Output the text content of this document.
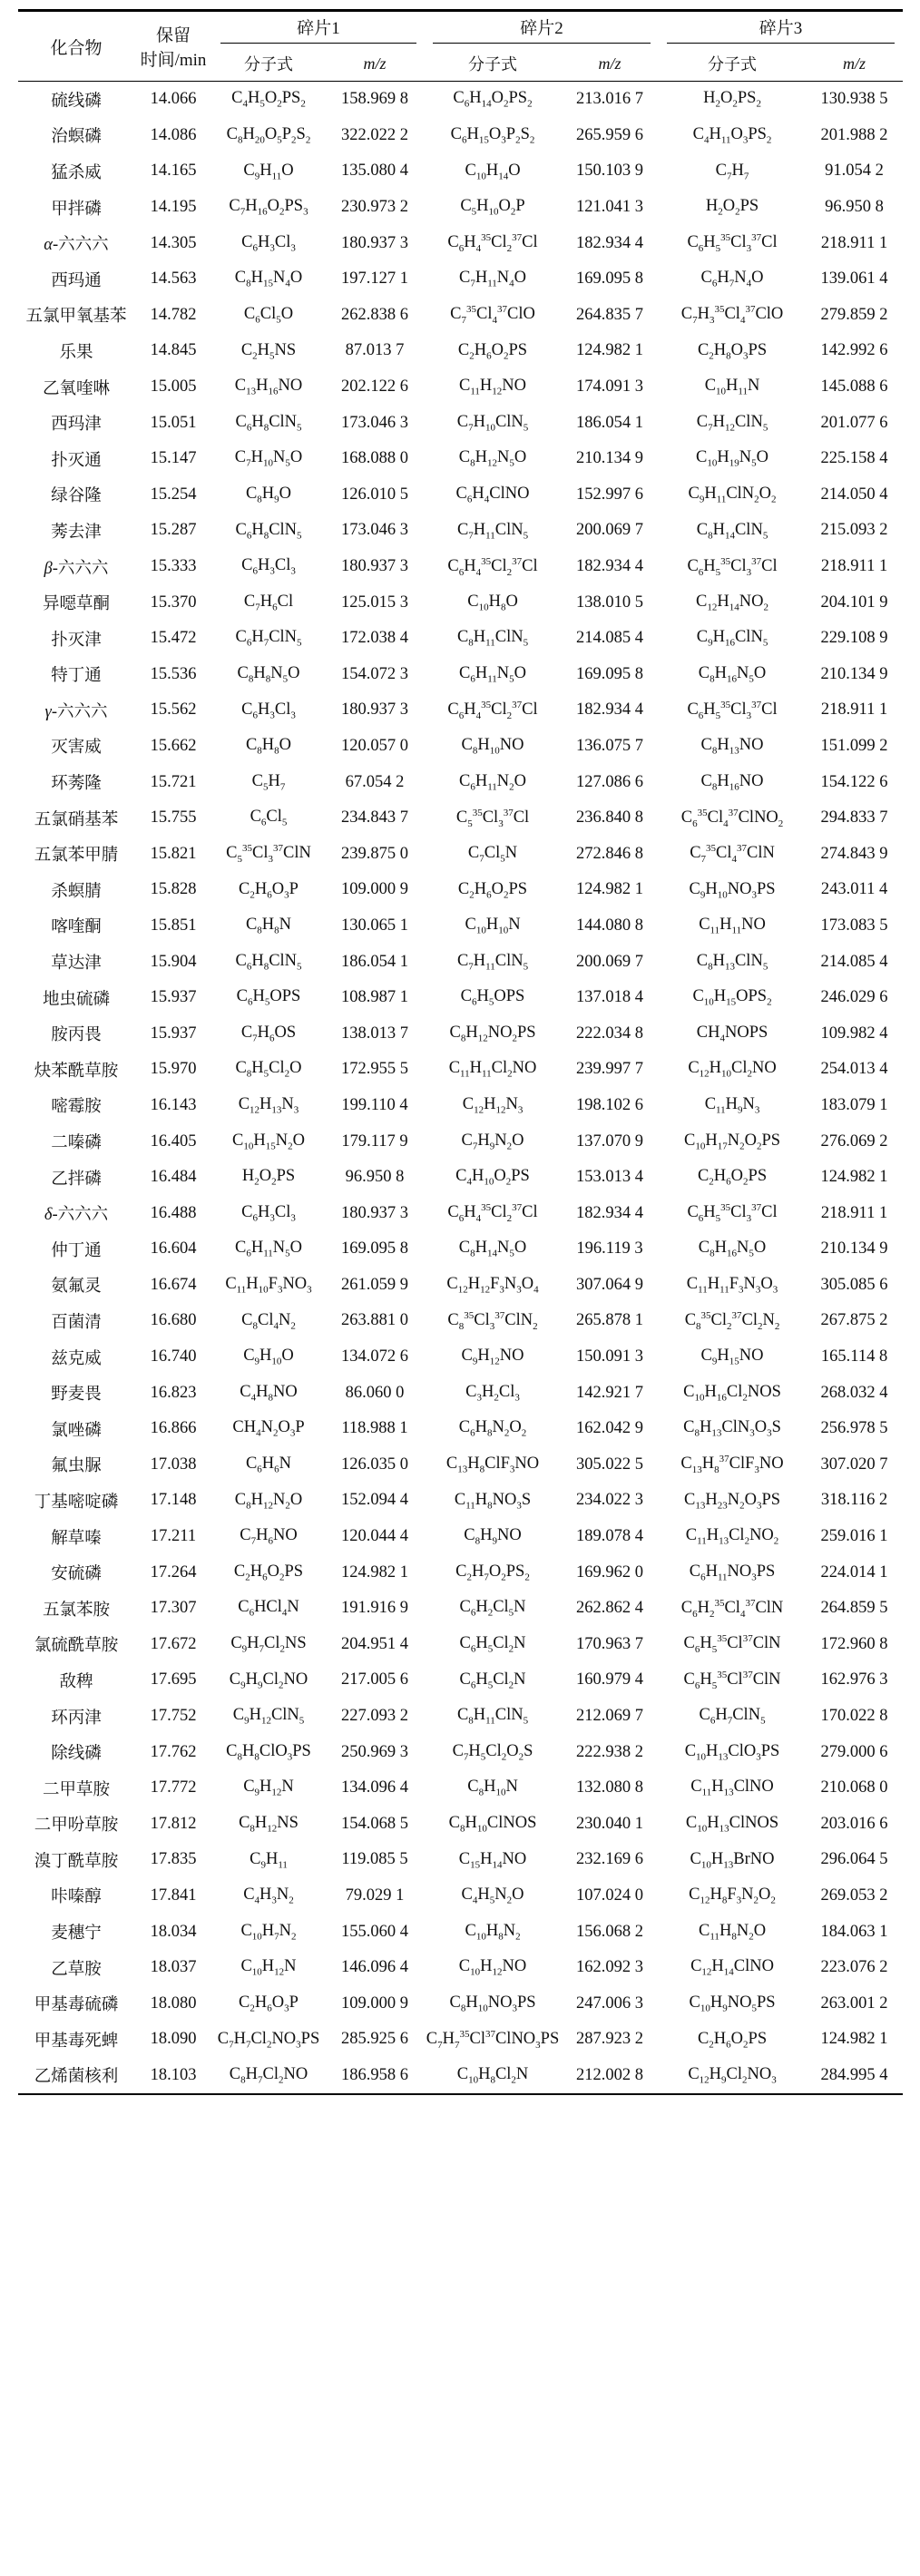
化合物	保留
时间/min	碎片1		碎片2		碎片3	

		分子式	m/z	分子式	m/z	分子式	m/z
硫线磷	14.066	$C_4H_5O_2PS_2$	158.969 8	$C_6H_{14}O_2PS_2$	213.016 7	$H_2O_2PS_2$	130.938 5
治螟磷	14.086	$C_8H_{20}O_5P_2S_2$	322.022 2	$C_6H_{15}O_3P_2S_2$	265.959 6	$C_4H_{11}O_3PS_2$	201.988 2
猛杀威	14.165	$C_9H_{11}O$	135.080 4	$C_{10}H_{14}O$	150.103 9	$C_7H_7$	91.054 2
甲拌磷	14.195	$C_7H_{16}O_2PS_3$	230.973 2	$C_5H_{10}O_2P$	121.041 3	$H_2O_2PS$	96.950 8
α-六六六	14.305	$C_6H_3Cl_3$	180.937 3	$C_6H_4^{35}Cl_2^{37}Cl$	182.934 4	$C_6H_5^{35}Cl_3^{37}Cl$	218.911 1
西玛通	14.563	$C_8H_{15}N_4O$	197.127 1	$C_7H_{11}N_4O$	169.095 8	$C_6H_7N_4O$	139.061 4
五氯甲氧基苯	14.782	$C_6Cl_5O$	262.838 6	$C_7^{35}Cl_4^{37}ClO$	264.835 7	$C_7H_3^{35}Cl_4^{37}ClO$	279.859 2
乐果	14.845	$C_2H_5NS$	87.013 7	$C_2H_6O_2PS$	124.982 1	$C_2H_8O_3PS$	142.992 6
乙氧喹啉	15.005	$C_{13}H_{16}NO$	202.122 6	$C_{11}H_{12}NO$	174.091 3	$C_{10}H_{11}N$	145.088 6
西玛津	15.051	$C_6H_8ClN_5$	173.046 3	$C_7H_{10}ClN_5$	186.054 1	$C_7H_{12}ClN_5$	201.077 6
扑灭通	15.147	$C_7H_{10}N_5O$	168.088 0	$C_8H_{12}N_5O$	210.134 9	$C_{10}H_{19}N_5O$	225.158 4
绿谷隆	15.254	$C_8H_9O$	126.010 5	$C_6H_4ClNO$	152.997 6	$C_9H_{11}ClN_2O_2$	214.050 4
莠去津	15.287	$C_6H_8ClN_5$	173.046 3	$C_7H_{11}ClN_5$	200.069 7	$C_8H_{14}ClN_5$	215.093 2
β-六六六	15.333	$C_6H_3Cl_3$	180.937 3	$C_6H_4^{35}Cl_2^{37}Cl$	182.934 4	$C_6H_5^{35}Cl_3^{37}Cl$	218.911 1
异噁草酮	15.370	$C_7H_6Cl$	125.015 3	$C_{10}H_8O$	138.010 5	$C_{12}H_{14}NO_2$	204.101 9
扑灭津	15.472	$C_6H_7ClN_5$	172.038 4	$C_8H_{11}ClN_5$	214.085 4	$C_9H_{16}ClN_5$	229.108 9
特丁通	15.536	$C_8H_8N_5O$	154.072 3	$C_6H_{11}N_5O$	169.095 8	$C_8H_{16}N_5O$	210.134 9
γ-六六六	15.562	$C_6H_3Cl_3$	180.937 3	$C_6H_4^{35}Cl_2^{37}Cl$	182.934 4	$C_6H_5^{35}Cl_3^{37}Cl$	218.911 1
灭害威	15.662	$C_8H_8O$	120.057 0	$C_8H_{10}NO$	136.075 7	$C_8H_{13}NO$	151.099 2
环莠隆	15.721	$C_5H_7$	67.054 2	$C_6H_{11}N_2O$	127.086 6	$C_8H_{16}NO$	154.122 6
五氯硝基苯	15.755	$C_6Cl_5$	234.843 7	$C_5^{35}Cl_3^{37}Cl$	236.840 8	$C_6^{35}Cl_4^{37}ClNO_2$	294.833 7
五氯苯甲腈	15.821	$C_5^{35}Cl_3^{37}ClN$	239.875 0	$C_7Cl_5N$	272.846 8	$C_7^{35}Cl_4^{37}ClN$	274.843 9
杀螟腈	15.828	$C_2H_6O_3P$	109.000 9	$C_2H_6O_2PS$	124.982 1	$C_9H_{10}NO_3PS$	243.011 4
喀喹酮	15.851	$C_8H_8N$	130.065 1	$C_{10}H_{10}N$	144.080 8	$C_{11}H_{11}NO$	173.083 5
草达津	15.904	$C_6H_8ClN_5$	186.054 1	$C_7H_{11}ClN_5$	200.069 7	$C_8H_{13}ClN_5$	214.085 4
地虫硫磷	15.937	$C_6H_5OPS$	108.987 1	$C_6H_5OPS$	137.018 4	$C_{10}H_{15}OPS_2$	246.029 6
胺丙畏	15.937	$C_7H_6OS$	138.013 7	$C_8H_{12}NO_2PS$	222.034 8	$CH_4NOPS$	109.982 4
炔苯酰草胺	15.970	$C_8H_5Cl_2O$	172.955 5	$C_{11}H_{11}Cl_2NO$	239.997 7	$C_{12}H_{10}Cl_2NO$	254.013 4
嘧霉胺	16.143	$C_{12}H_{13}N_3$	199.110 4	$C_{12}H_{12}N_3$	198.102 6	$C_{11}H_9N_3$	183.079 1
二嗪磷	16.405	$C_{10}H_{15}N_2O$	179.117 9	$C_7H_9N_2O$	137.070 9	$C_{10}H_{17}N_2O_2PS$	276.069 2
乙拌磷	16.484	$H_2O_2PS$	96.950 8	$C_4H_{10}O_2PS$	153.013 4	$C_2H_6O_2PS$	124.982 1
δ-六六六	16.488	$C_6H_3Cl_3$	180.937 3	$C_6H_4^{35}Cl_2^{37}Cl$	182.934 4	$C_6H_5^{35}Cl_3^{37}Cl$	218.911 1
仲丁通	16.604	$C_6H_{11}N_5O$	169.095 8	$C_8H_{14}N_5O$	196.119 3	$C_8H_{16}N_5O$	210.134 9
氨氟灵	16.674	$C_{11}H_{10}F_3NO_3$	261.059 9	$C_{12}H_{12}F_3N_3O_4$	307.064 9	$C_{11}H_{11}F_3N_3O_3$	305.085 6
百菌清	16.680	$C_8Cl_4N_2$	263.881 0	$C_8^{35}Cl_3^{37}ClN_2$	265.878 1	$C_8^{35}Cl_2^{37}Cl_2N_2$	267.875 2
兹克威	16.740	$C_9H_{10}O$	134.072 6	$C_9H_{12}NO$	150.091 3	$C_9H_{15}NO$	165.114 8
野麦畏	16.823	$C_4H_8NO$	86.060 0	$C_3H_2Cl_3$	142.921 7	$C_{10}H_{16}Cl_2NOS$	268.032 4
氯唑磷	16.866	$CH_4N_2O_3P$	118.988 1	$C_6H_8N_2O_2$	162.042 9	$C_8H_{13}ClN_3O_3S$	256.978 5
氟虫脲	17.038	$C_6H_6N$	126.035 0	$C_{13}H_8ClF_3NO$	305.022 5	$C_{13}H_8^{37}ClF_3NO$	307.020 7
丁基嘧啶磷	17.148	$C_8H_{12}N_2O$	152.094 4	$C_{11}H_8NO_3S$	234.022 3	$C_{13}H_{23}N_2O_3PS$	318.116 2
解草嗪	17.211	$C_7H_6NO$	120.044 4	$C_8H_9NO$	189.078 4	$C_{11}H_{13}Cl_2NO_2$	259.016 1
安硫磷	17.264	$C_2H_6O_2PS$	124.982 1	$C_2H_7O_2PS_2$	169.962 0	$C_6H_{11}NO_3PS$	224.014 1
五氯苯胺	17.307	$C_6HCl_4N$	191.916 9	$C_6H_2Cl_5N$	262.862 4	$C_6H_2^{35}Cl_4^{37}ClN$	264.859 5
氯硫酰草胺	17.672	$C_9H_7Cl_2NS$	204.951 4	$C_6H_5Cl_2N$	170.963 7	$C_6H_5^{35}Cl^{37}ClN$	172.960 8
敌稗	17.695	$C_9H_9Cl_2NO$	217.005 6	$C_6H_5Cl_2N$	160.979 4	$C_6H_5^{35}Cl^{37}ClN$	162.976 3
环丙津	17.752	$C_9H_{12}ClN_5$	227.093 2	$C_8H_{11}ClN_5$	212.069 7	$C_6H_7ClN_5$	170.022 8
除线磷	17.762	$C_8H_8ClO_3PS$	250.969 3	$C_7H_5Cl_2O_2S$	222.938 2	$C_{10}H_{13}ClO_3PS$	279.000 6
二甲草胺	17.772	$C_9H_{12}N$	134.096 4	$C_8H_{10}N$	132.080 8	$C_{11}H_{13}ClNO$	210.068 0
二甲吩草胺	17.812	$C_8H_{12}NS$	154.068 5	$C_8H_{10}ClNOS$	230.040 1	$C_{10}H_{13}ClNOS$	203.016 6
溴丁酰草胺	17.835	$C_9H_{11}$	119.085 5	$C_{15}H_{14}NO$	232.169 6	$C_{10}H_{13}BrNO$	296.064 5
咔嗪醇	17.841	$C_4H_3N_2$	79.029 1	$C_4H_5N_2O$	107.024 0	$C_{12}H_8F_3N_2O_2$	269.053 2
麦穗宁	18.034	$C_{10}H_7N_2$	155.060 4	$C_{10}H_8N_2$	156.068 2	$C_{11}H_8N_2O$	184.063 1
乙草胺	18.037	$C_{10}H_{12}N$	146.096 4	$C_{10}H_{12}NO$	162.092 3	$C_{12}H_{14}ClNO$	223.076 2
甲基毒硫磷	18.080	$C_2H_6O_3P$	109.000 9	$C_8H_{10}NO_3PS$	247.006 3	$C_{10}H_9NO_5PS$	263.001 2
甲基毒死蜱	18.090	$C_7H_7Cl_2NO_3PS$	285.925 6	$C_7H_7^{35}Cl^{37}ClNO_3PS$	287.923 2	$C_2H_6O_2PS$	124.982 1
乙烯菌核利	18.103	$C_8H_7Cl_2NO$	186.958 6	$C_{10}H_8Cl_2N$	212.002 8	$C_{12}H_9Cl_2NO_3$	284.995 4
